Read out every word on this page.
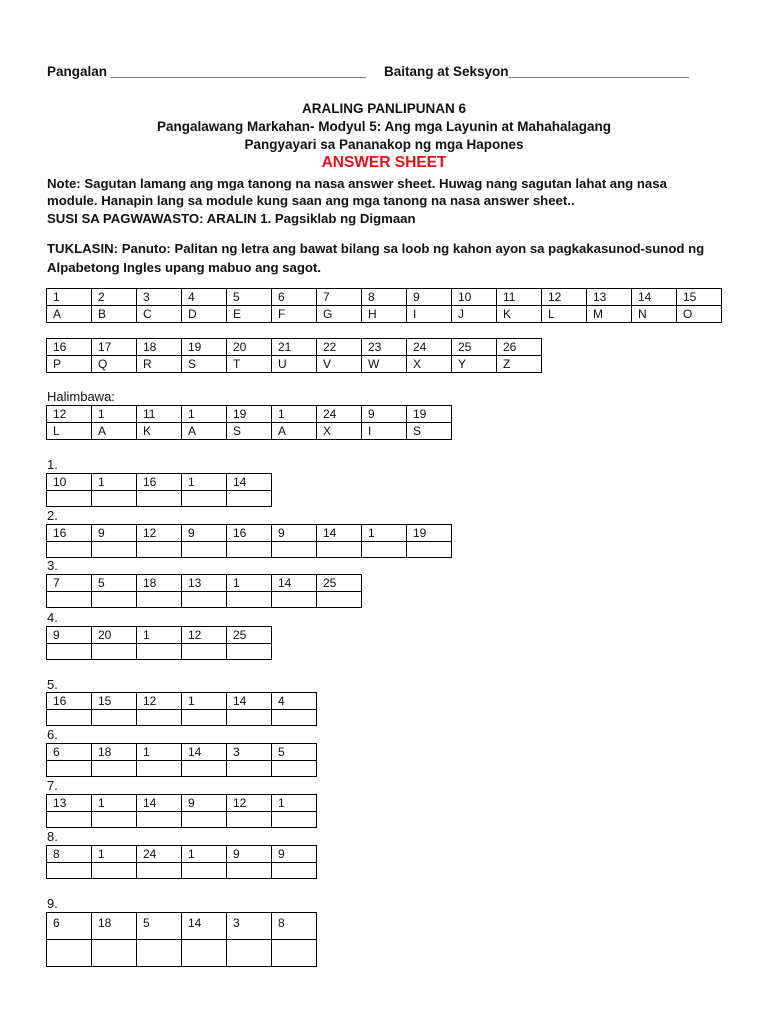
Pangalan __________________________________ Baitang at Seksyon________________________
ARALING PANLIPUNAN 6
Pangalawang Markahan- Modyul 5: Ang mga Layunin at Mahahalagang
Pangyayari sa Pananakop ng mga Hapones
ANSWER SHEET
Note: Sagutan lamang ang mga tanong na nasa answer sheet. Huwag nang sagutan lahat ang nasa
module. Hanapin lang sa module kung saan ang mga tanong na nasa answer sheet..
SUSI SA PAGWAWASTO: ARALIN 1. Pagsiklab ng Digmaan
TUKLASIN: Panuto: Palitan ng letra ang bawat bilang sa loob ng kahon ayon sa pagkakasunod-sunod ng
Alpabetong Ingles upang mabuo ang sagot.
1	2	3	4	5	6	7	8	9	10	11	12	13	14	15
A	B	C	D	E	F	G	H	I	J	K	L	M	N	O
16	17	18	19	20	21	22	23	24	25	26
P	Q	R	S	T	U	V	W	X	Y	Z
Halimbawa:
12	1	11	1	19	1	24	9	19
L	A	K	A	S	A	X	I	S
1.
10	1	16	1	14

2.
16	9	12	9	16	9	14	1	19

3.
7	5	18	13	1	14	25

4.
9	20	1	12	25

5.
16	15	12	1	14	4

6.
6	18	1	14	3	5

7.
13	1	14	9	12	1

8.
8	1	24	1	9	9

9.
6	18	5	14	3	8
